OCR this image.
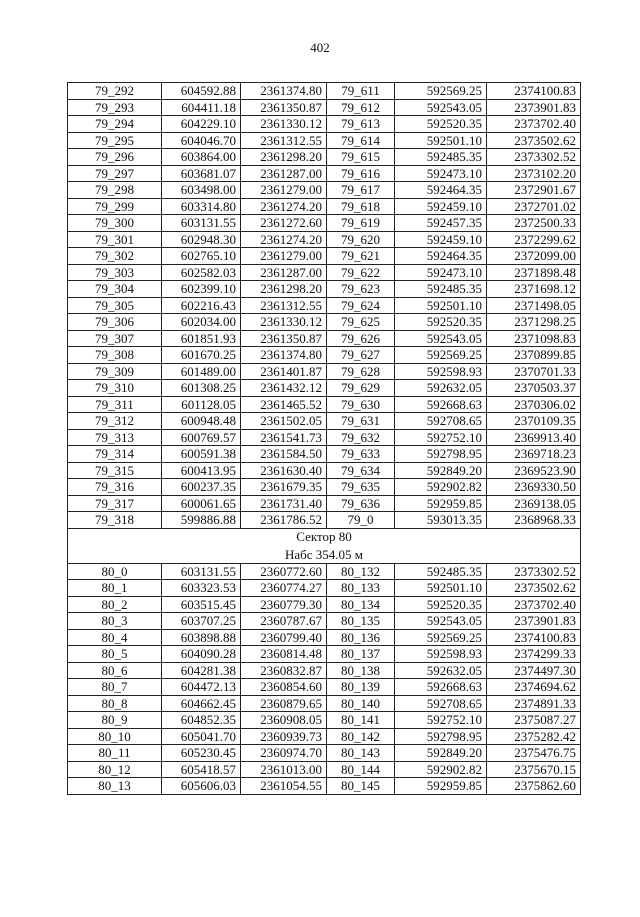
402
79_292	604592.88	2361374.80	79_611	592569.25	2374100.83
79_293	604411.18	2361350.87	79_612	592543.05	2373901.83
79_294	604229.10	2361330.12	79_613	592520.35	2373702.40
79_295	604046.70	2361312.55	79_614	592501.10	2373502.62
79_296	603864.00	2361298.20	79_615	592485.35	2373302.52
79_297	603681.07	2361287.00	79_616	592473.10	2373102.20
79_298	603498.00	2361279.00	79_617	592464.35	2372901.67
79_299	603314.80	2361274.20	79_618	592459.10	2372701.02
79_300	603131.55	2361272.60	79_619	592457.35	2372500.33
79_301	602948.30	2361274.20	79_620	592459.10	2372299.62
79_302	602765.10	2361279.00	79_621	592464.35	2372099.00
79_303	602582.03	2361287.00	79_622	592473.10	2371898.48
79_304	602399.10	2361298.20	79_623	592485.35	2371698.12
79_305	602216.43	2361312.55	79_624	592501.10	2371498.05
79_306	602034.00	2361330.12	79_625	592520.35	2371298.25
79_307	601851.93	2361350.87	79_626	592543.05	2371098.83
79_308	601670.25	2361374.80	79_627	592569.25	2370899.85
79_309	601489.00	2361401.87	79_628	592598.93	2370701.33
79_310	601308.25	2361432.12	79_629	592632.05	2370503.37
79_311	601128.05	2361465.52	79_630	592668.63	2370306.02
79_312	600948.48	2361502.05	79_631	592708.65	2370109.35
79_313	600769.57	2361541.73	79_632	592752.10	2369913.40
79_314	600591.38	2361584.50	79_633	592798.95	2369718.23
79_315	600413.95	2361630.40	79_634	592849.20	2369523.90
79_316	600237.35	2361679.35	79_635	592902.82	2369330.50
79_317	600061.65	2361731.40	79_636	592959.85	2369138.05
79_318	599886.88	2361786.52	79_0	593013.35	2368968.33
Сектор 80					
Набс 354.05 м					
80_0	603131.55	2360772.60	80_132	592485.35	2373302.52
80_1	603323.53	2360774.27	80_133	592501.10	2373502.62
80_2	603515.45	2360779.30	80_134	592520.35	2373702.40
80_3	603707.25	2360787.67	80_135	592543.05	2373901.83
80_4	603898.88	2360799.40	80_136	592569.25	2374100.83
80_5	604090.28	2360814.48	80_137	592598.93	2374299.33
80_6	604281.38	2360832.87	80_138	592632.05	2374497.30
80_7	604472.13	2360854.60	80_139	592668.63	2374694.62
80_8	604662.45	2360879.65	80_140	592708.65	2374891.33
80_9	604852.35	2360908.05	80_141	592752.10	2375087.27
80_10	605041.70	2360939.73	80_142	592798.95	2375282.42
80_11	605230.45	2360974.70	80_143	592849.20	2375476.75
80_12	605418.57	2361013.00	80_144	592902.82	2375670.15
80_13	605606.03	2361054.55	80_145	592959.85	2375862.60
